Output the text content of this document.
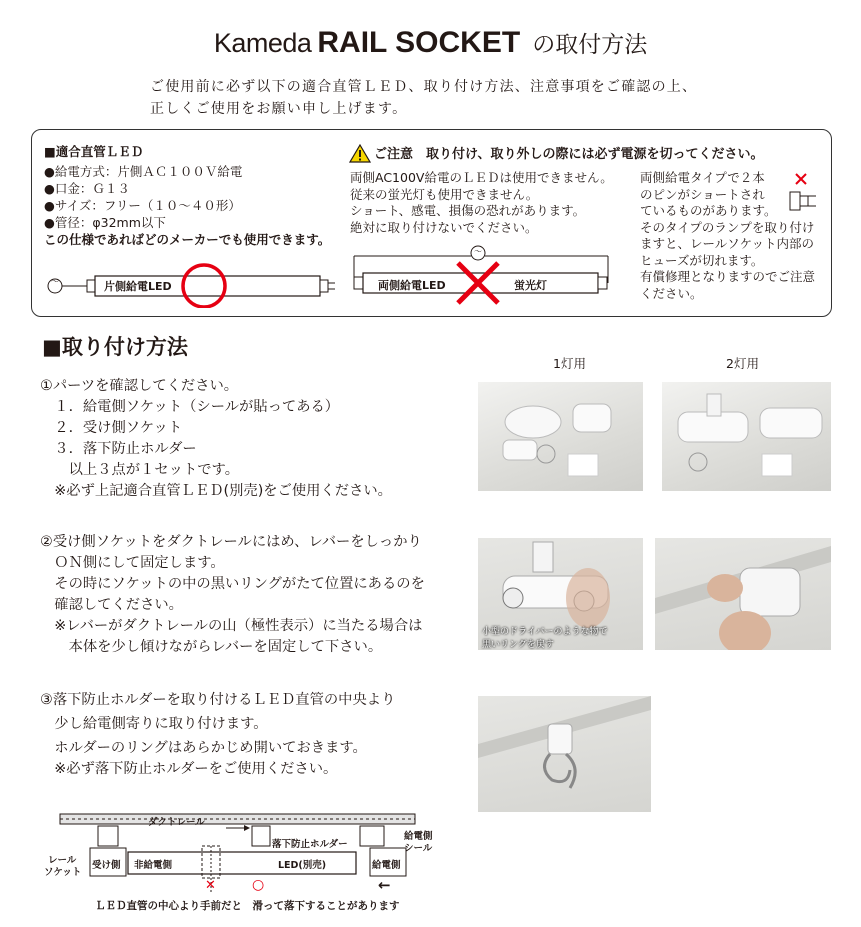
Kameda RAIL SOCKET の取付方法
ご使用前に必ず以下の適合直管ＬＥＤ、取り付け方法、注意事項をご確認の上、
正しくご使用をお願い申し上げます。
■適合直管ＬＥＤ
●給電方式：片側ＡＣ１００Ｖ給電
●口金：Ｇ１３
●サイズ：フリー（１０〜４０形）
●管径：φ32mm以下
この仕様であればどのメーカーでも使用できます。
〜	片側給電LED
ご注意　取り付け、取り外しの際には必ず電源を切ってください。
両側AC100V給電のＬＥＤは使用できません。
従来の蛍光灯も使用できません。
ショート、感電、損傷の恐れがあります。
絶対に取り付けないでください。
両側給電タイプで２本
のピンがショートされ
ているものがあります。
そのタイプのランプを取り付け
ますと、レールソケット内部の
ヒューズが切れます。
有償修理となりますのでご注意
ください。
〜
両側給電LED	蛍光灯
■取り付け方法
1灯用	2灯用
①パーツを確認してください。
　１．給電側ソケット（シールが貼ってある）
　２．受け側ソケット
　３．落下防止ホルダー
　　以上３点が１セットです。
　※必ず上記適合直管ＬＥＤ(別売)をご使用ください。
②受け側ソケットをダクトレールにはめ、レバーをしっかり
　ＯＮ側にして固定します。
　その時にソケットの中の黒いリングがたて位置にあるのを
　確認してください。
　※レバーがダクトレールの山（極性表示）に当たる場合は
　　本体を少し傾けながらレバーを固定して下さい。
小型のドライバーのような物で
黒いリングを戻す
③落下防止ホルダーを取り付けるＬＥＤ直管の中央より
　少し給電側寄りに取り付けます。
　ホルダーのリングはあらかじめ開いておきます。
　※必ず落下防止ホルダーをご使用ください。
ダクトレール
落下防止ホルダー
給電側
シール
レール
ソケット
受け側 非給電側	LED(別売)	給電側
✕	○	←
ＬＥＤ直管の中心より手前だと　滑って落下することがあります
